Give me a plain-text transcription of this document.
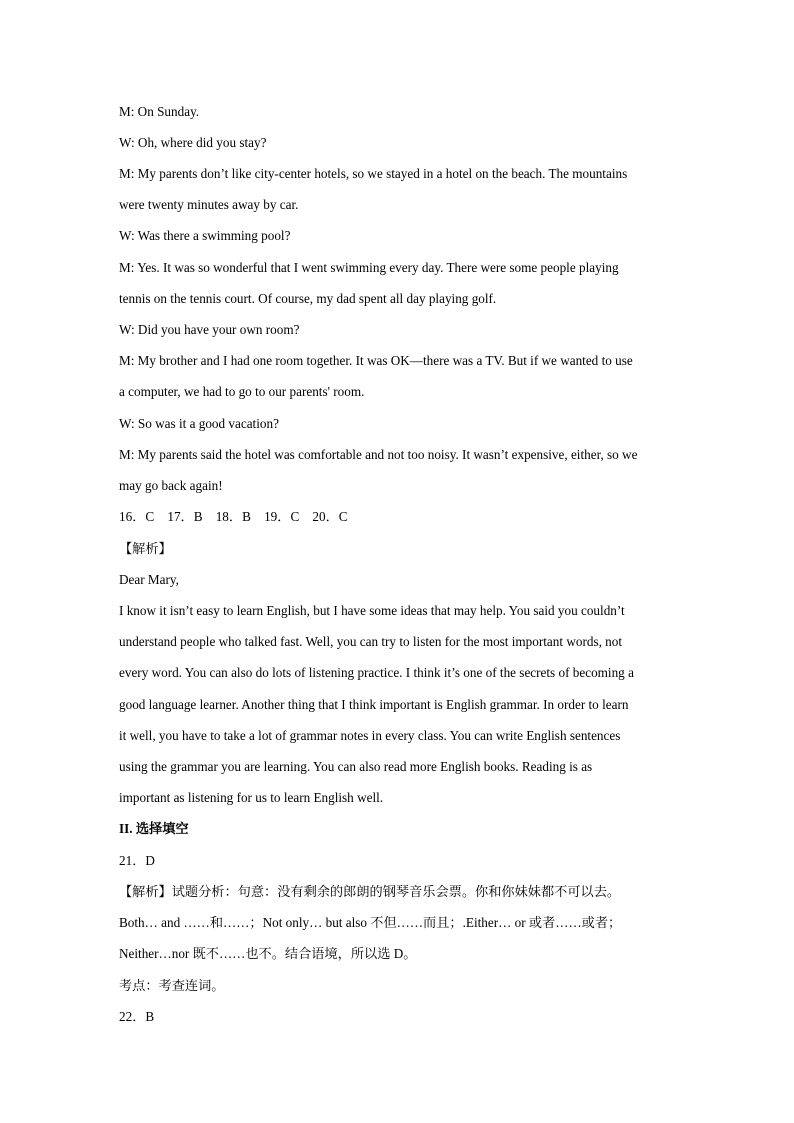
M: On Sunday.
W: Oh, where did you stay?
M: My parents don’t like city-center hotels, so we stayed in a hotel on the beach. The mountains
were twenty minutes away by car.
W: Was there a swimming pool?
M: Yes. It was so wonderful that I went swimming every day. There were some people playing
tennis on the tennis court. Of course, my dad spent all day playing golf.
W: Did you have your own room?
M: My brother and I had one room together. It was OK—there was a TV. But if we wanted to use
a computer, we had to go to our parents' room.
W: So was it a good vacation?
M: My parents said the hotel was comfortable and not too noisy. It wasn’t expensive, either, so we
may go back again!
16．C　17．B　18．B　19．C　20．C
【解析】
Dear Mary,
I know it isn’t easy to learn English, but I have some ideas that may help. You said you couldn’t
understand people who talked fast. Well, you can try to listen for the most important words, not
every word. You can also do lots of listening practice. I think it’s one of the secrets of becoming a
good language learner. Another thing that I think important is English grammar. In order to learn
it well, you have to take a lot of grammar notes in every class. You can write English sentences
using the grammar you are learning. You can also read more English books. Reading is as
important as listening for us to learn English well.
II. 选择填空
21．D
【解析】试题分析：句意：没有剩余的郎朗的钢琴音乐会票。你和你妹妹都不可以去。
Both… and ……和……；Not only… but also 不但……而且；.Either… or 或者……或者；
Neither…nor 既不……也不。结合语境，所以选 D。
考点：考查连词。
22．B
